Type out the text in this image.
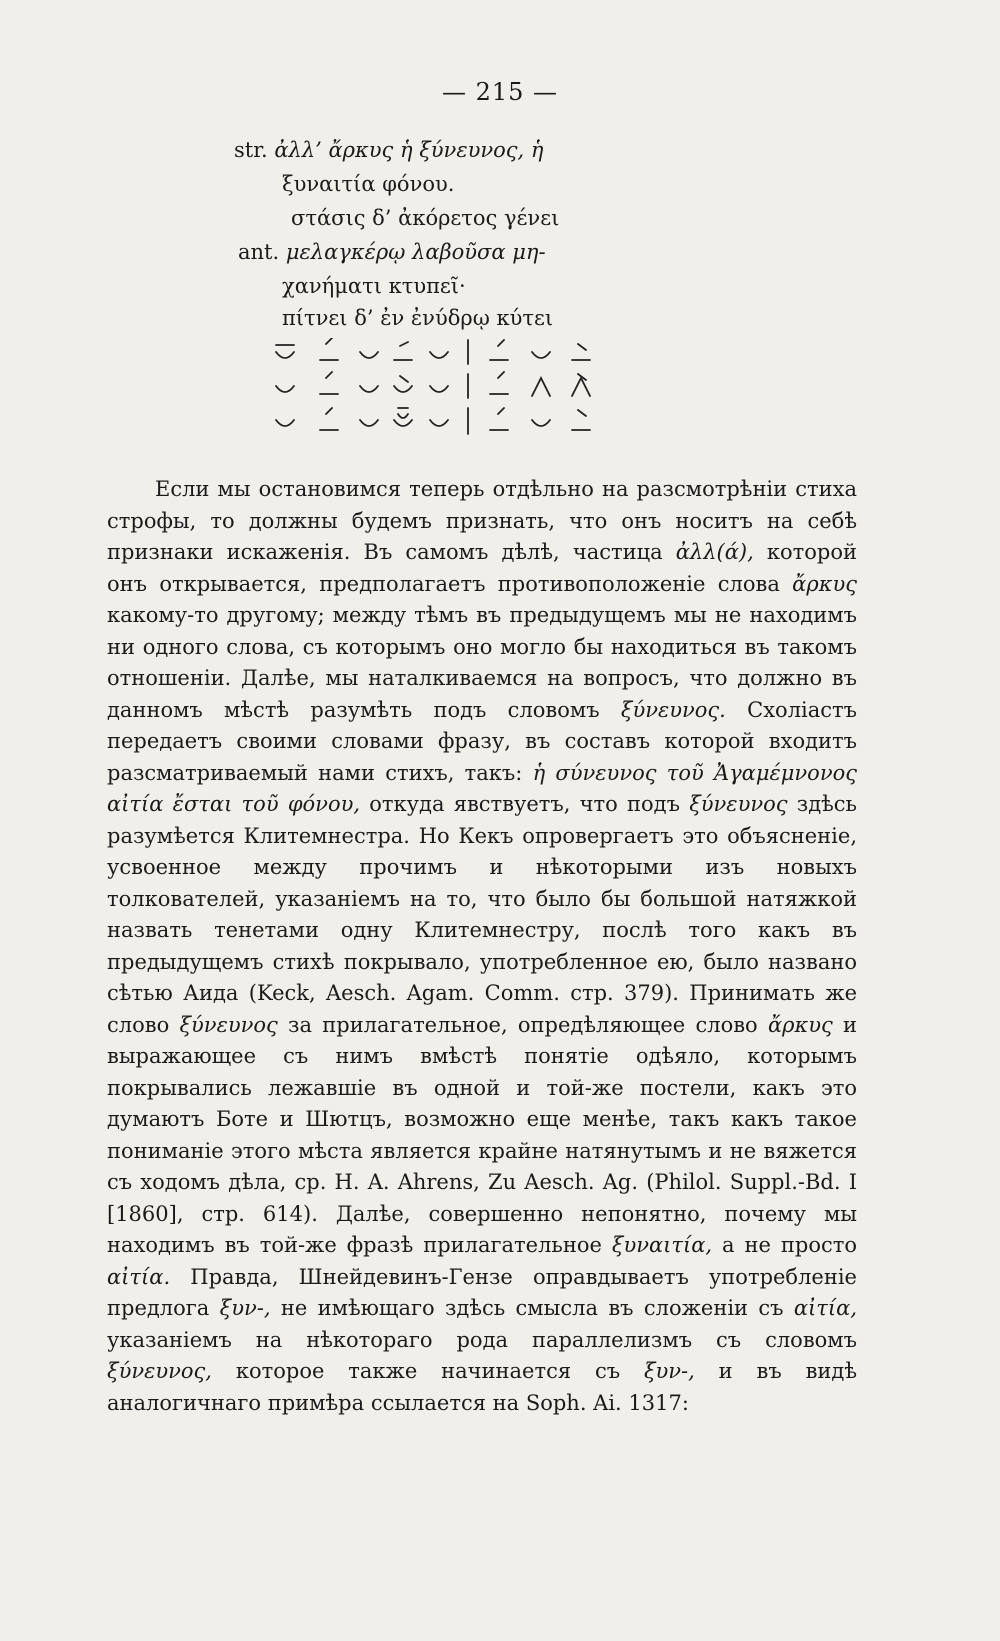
— 215 —
str. ἀλλ’ ἄρκυς ἡ ξύνευνος, ἡ
ξυναιτία φόνου.
στάσις δ’ ἀκόρετος γένει
ant. μελαγκέρῳ λαβοῦσα μη-
χανήματι κτυπεῖ·
πίτνει δ’ ἐν ἐνύδρῳ κύτει

Если мы остановимся теперь отдѣльно на разсмотрѣніи стиха строфы, то должны будемъ признать, что онъ носитъ на себѣ признаки искаженія. Въ самомъ дѣлѣ, частица ἀλλ(ά), которой онъ открывается, предполагаетъ противоположеніе слова ἄρκυς какому-то другому; между тѣмъ въ предыдущемъ мы не находимъ ни одного слова, съ которымъ оно могло бы находиться въ такомъ отношеніи. Далѣе, мы наталкиваемся на вопросъ, что должно въ данномъ мѣстѣ разумѣть подъ словомъ ξύνευνος. Схоліастъ передаетъ своими словами фразу, въ составъ которой входитъ разсматриваемый нами стихъ, такъ: ἡ σύνευνος τοῦ Ἀγαμέμνονος αἰτία ἔσται τοῦ φόνου, откуда явствуетъ, что подъ ξύνευνος здѣсь разумѣется Клитемнестра. Но Кекъ опровергаетъ это объясненіе, усвоенное между прочимъ и нѣкоторыми изъ новыхъ толкователей, указаніемъ на то, что было бы большой натяжкой назвать тенетами одну Клитемнестру, послѣ того какъ въ предыдущемъ стихѣ покрывало, употребленное ею, было названо сѣтью Аида (Keck, Aesch. Agam. Comm. стр. 379). Принимать же слово ξύνευνος за прилагательное, опредѣляющее слово ἄρκυς и выражающее съ нимъ вмѣстѣ понятіе одѣяло, которымъ покрывались лежавшіе въ одной и той-же постели, какъ это думаютъ Боте и Шютцъ, возможно еще менѣе, такъ какъ такое пониманіе этого мѣста является крайне натянутымъ и не вяжется съ ходомъ дѣла, ср. H. A. Ahrens, Zu Aesch. Ag. (Philol. Suppl.-Bd. I [1860], стр. 614). Далѣе, совершенно непонятно, почему мы находимъ въ той-же фразѣ прилагательное ξυναιτία, а не просто αἰτία. Правда, Шнейдевинъ-Гензе оправдываетъ употребленіе предлога ξυν-, не имѣющаго здѣсь смысла въ сложеніи съ αἰτία, указаніемъ на нѣкотораго рода параллелизмъ съ словомъ ξύνευνος, которое также начинается съ ξυν-, и въ видѣ аналогичнаго примѣра ссылается на Soph. Ai. 1317:
